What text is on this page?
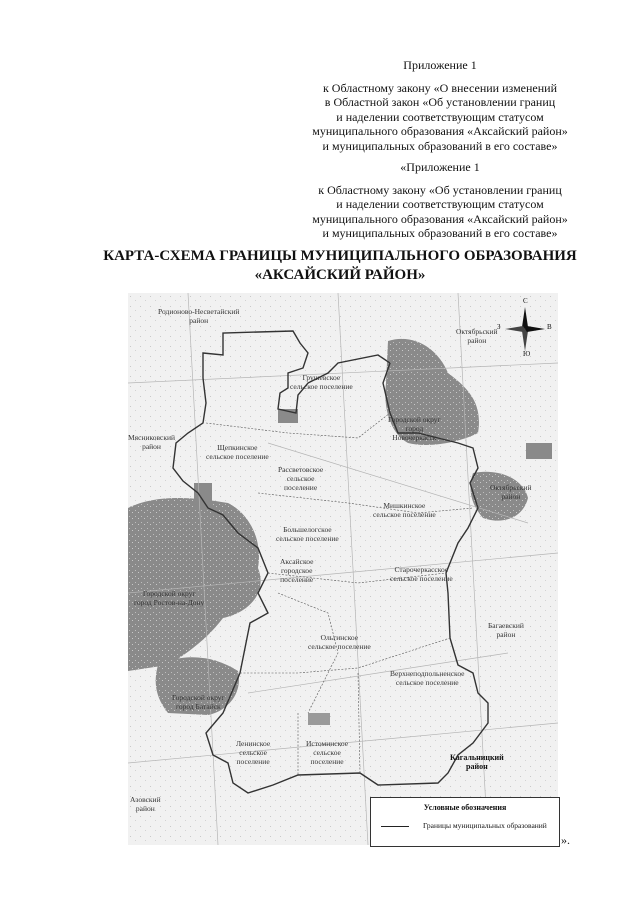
Приложение 1
к Областному закону «О внесении изменений
в Областной закон «Об установлении границ
и наделении соответствующим статусом
муниципального образования «Аксайский район»
и муниципальных образований в его составе»
«Приложение 1
к Областному закону «Об установлении границ
и наделении соответствующим статусом
муниципального образования «Аксайский район»
и муниципальных образований в его составе»
КАРТА-СХЕМА ГРАНИЦЫ МУНИЦИПАЛЬНОГО ОБРАЗОВАНИЯ
«АКСАЙСКИЙ РАЙОН»
Родионово-Несветайский
район
Октябрьский
район
Грушевское
сельское поселение
Городской округ
город
Новочеркасск
Мясниковский
район	Щепкинское
сельское поселение
Рассветовское
сельское
поселение	Октябрьский
район
Мишкинское
сельское поселение
Большелогское
сельское поселение
Аксайское
городское
поселение
Старочеркасское
сельское поселение
Городской округ
город Ростов-на-Дону
Багаевский
район
Ольгинское
сельское поселение
Верхнеподпольненское
сельское поселение
Городской округ
город Батайск
Ленинское
сельское
поселение
Истоминское
сельское
поселение	Кагальницкий
район
Азовский
район
С
Ю
З	В
Условные обозначения
Границы муниципальных образований
».
